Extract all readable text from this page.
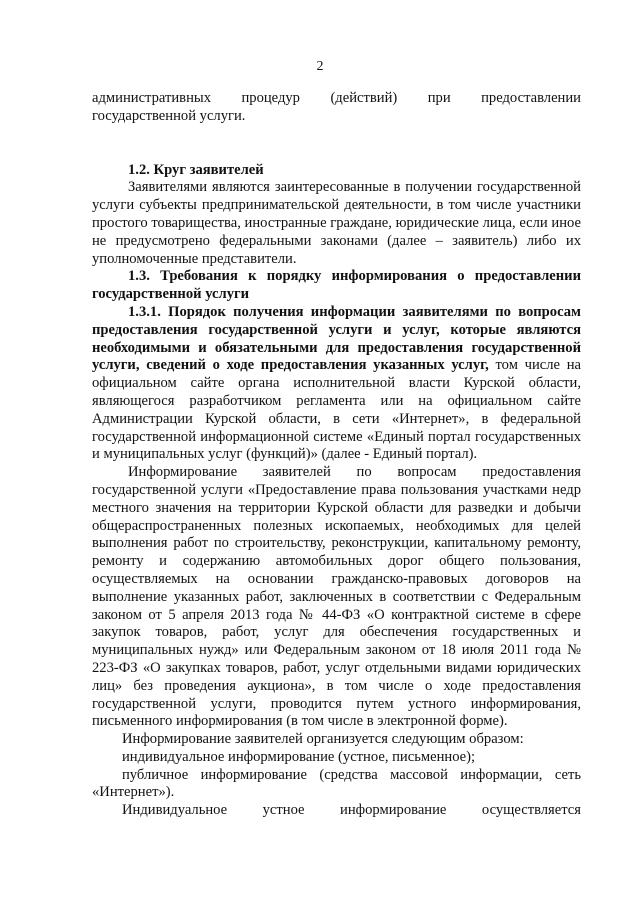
2

административных процедур (действий) при предоставлении

государственной услуги.

1.2. Круг заявителей

Заявителями являются заинтересованные в получении государственной услуги субъекты предпринимательской деятельности, в том числе участники простого товарищества, иностранные граждане, юридические лица, если иное не предусмотрено федеральными законами (далее – заявитель) либо их уполномоченные представители.

1.3. Требования к порядку информирования о предоставлении государственной услуги

1.3.1. Порядок получения информации заявителями по вопросам предоставления государственной услуги и услуг, которые являются необходимыми и обязательными для предоставления государственной услуги, сведений о ходе предоставления указанных услуг, том числе на официальном сайте органа исполнительной власти Курской области, являющегося разработчиком регламента или на официальном сайте Администрации Курской области, в сети «Интернет», в федеральной государственной информационной системе «Единый портал государственных и муниципальных услуг (функций)» (далее - Единый портал).

Информирование заявителей по вопросам предоставления государственной услуги «Предоставление права пользования участками недр местного значения на территории Курской области для разведки и добычи общераспространенных полезных ископаемых, необходимых для целей выполнения работ по строительству, реконструкции, капитальному ремонту, ремонту и содержанию автомобильных дорог общего пользования, осуществляемых на основании гражданско-правовых договоров на выполнение указанных работ, заключенных в соответствии с Федеральным законом от 5 апреля 2013 года № 44-ФЗ «О контрактной системе в сфере закупок товаров, работ, услуг для обеспечения государственных и муниципальных нужд» или Федеральным законом от 18 июля 2011 года № 223-ФЗ «О закупках товаров, работ, услуг отдельными видами юридических лиц» без проведения аукциона», в том числе о ходе предоставления государственной услуги, проводится путем устного информирования, письменного информирования (в том числе в электронной форме).

Информирование заявителей организуется следующим образом:

индивидуальное информирование (устное, письменное);

публичное информирование (средства массовой информации, сеть «Интернет»).

Индивидуальное устное информирование осуществляется
